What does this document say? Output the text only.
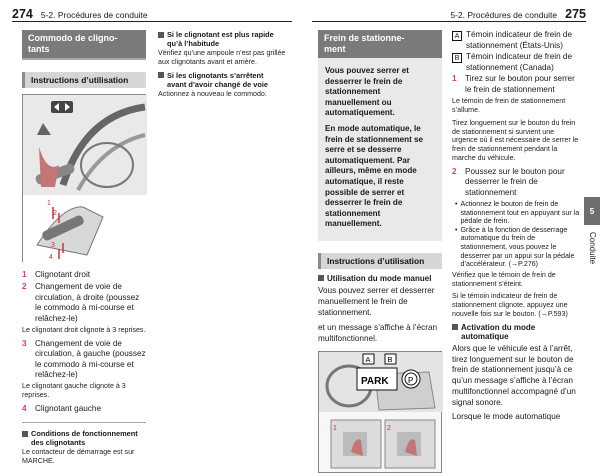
274 5-2. Procédures de conduite	5-2. Procédures de conduite 275
Commodo de cligno-
tants
Instructions d’utilisation
1
2
3
4
1	Clignotant droit
2	Changement de voie de circulation, à droite (poussez le commodo à mi-course et relâchez-le)
Le clignotant droit clignote à 3 reprises.
3	Changement de voie de circulation, à gauche (poussez le commodo à mi-course et relâchez-le)
Le clignotant gauche clignote à 3 reprises.
4	Clignotant gauche
Conditions de fonctionnement
des clignotants
Le contacteur de démarrage est sur MARCHE.
Si le clignotant est plus rapide
qu’à l’habitude
Vérifiez qu’une ampoule n’est pas grillée aux clignotants avant et arrière.
Si les clignotants s’arrêtent
avant d’avoir changé de voie
Actionnez à nouveau le commodo.
Frein de stationne-
ment

Vous pouvez serrer et desserrer le frein de stationnement manuellement ou automatiquement.

En mode automatique, le frein de stationnement se serre et se desserre automatiquement. Par ailleurs, même en mode automatique, il reste possible de serrer et desserrer le frein de stationnement manuellement.

Instructions d’utilisation
Utilisation du mode manuel

Vous pouvez serrer et desserrer manuellement le frein de stationnement.

et un message s’affiche à l’écran multifonctionnel.

A B
PARK P
1	2
A Témoin indicateur de frein de stationnement (États-Unis)
B Témoin indicateur de frein de stationnement (Canada)
1	Tirez sur le bouton pour serrer le frein de stationnement
Le témoin de frein de stationnement s’allume.
Tirez longuement sur le bouton du frein de stationnement si survient une urgence où il est nécessaire de serrer le frein de stationnement pendant la marche du véhicule.
2	Poussez sur le bouton pour desserrer le frein de stationnement
• Actionnez le bouton de frein de stationnement tout en appuyant sur la pédale de frein.
• Grâce à la fonction de desserrage automatique du frein de stationnement, vous pouvez le desserrer par un appui sur la pédale d’accélérateur. (→P.276)
Vérifiez que le témoin de frein de stationnement s’éteint.
Si le témoin indicateur de frein de stationnement clignote, appuyez une nouvelle fois sur le bouton. (→P.593)
Activation du mode automatique

Alors que le véhicule est à l’arrêt, tirez longuement sur le bouton de frein de stationnement jusqu’à ce qu’un message s’affiche à l’écran multifonctionnel accompagné d’un signal sonore.

Lorsque le mode automatique

5
Conduite
